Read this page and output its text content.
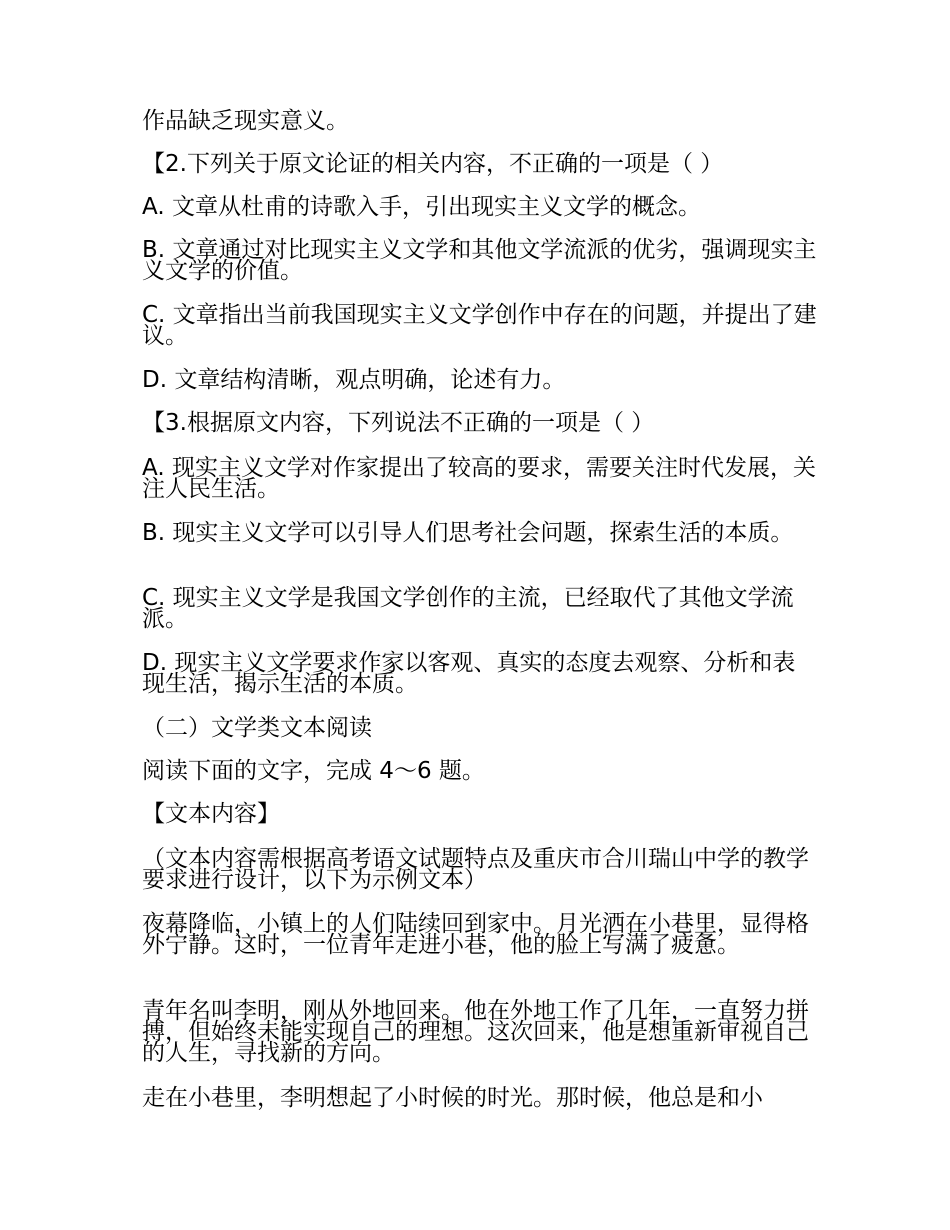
作品缺乏现实意义。
【2.下列关于原文论证的相关内容，不正确的一项是（ ）
A. 文章从杜甫的诗歌入手，引出现实主义文学的概念。
B. 文章通过对比现实主义文学和其他文学流派的优劣，强调现实主义文学的价值。
C. 文章指出当前我国现实主义文学创作中存在的问题，并提出了建议。
D. 文章结构清晰，观点明确，论述有力。
【3.根据原文内容，下列说法不正确的一项是（ ）
A. 现实主义文学对作家提出了较高的要求，需要关注时代发展，关注人民生活。
B. 现实主义文学可以引导人们思考社会问题，探索生活的本质。
C. 现实主义文学是我国文学创作的主流，已经取代了其他文学流派。
D. 现实主义文学要求作家以客观、真实的态度去观察、分析和表现生活，揭示生活的本质。
（二）文学类文本阅读
阅读下面的文字，完成 4～6 题。
【文本内容】
（文本内容需根据高考语文试题特点及重庆市合川瑞山中学的教学要求进行设计，以下为示例文本）
夜幕降临，小镇上的人们陆续回到家中。月光洒在小巷里，显得格外宁静。这时，一位青年走进小巷，他的脸上写满了疲惫。
青年名叫李明，刚从外地回来。他在外地工作了几年，一直努力拼搏，但始终未能实现自己的理想。这次回来，他是想重新审视自己的人生，寻找新的方向。
走在小巷里，李明想起了小时候的时光。那时候，他总是和小
